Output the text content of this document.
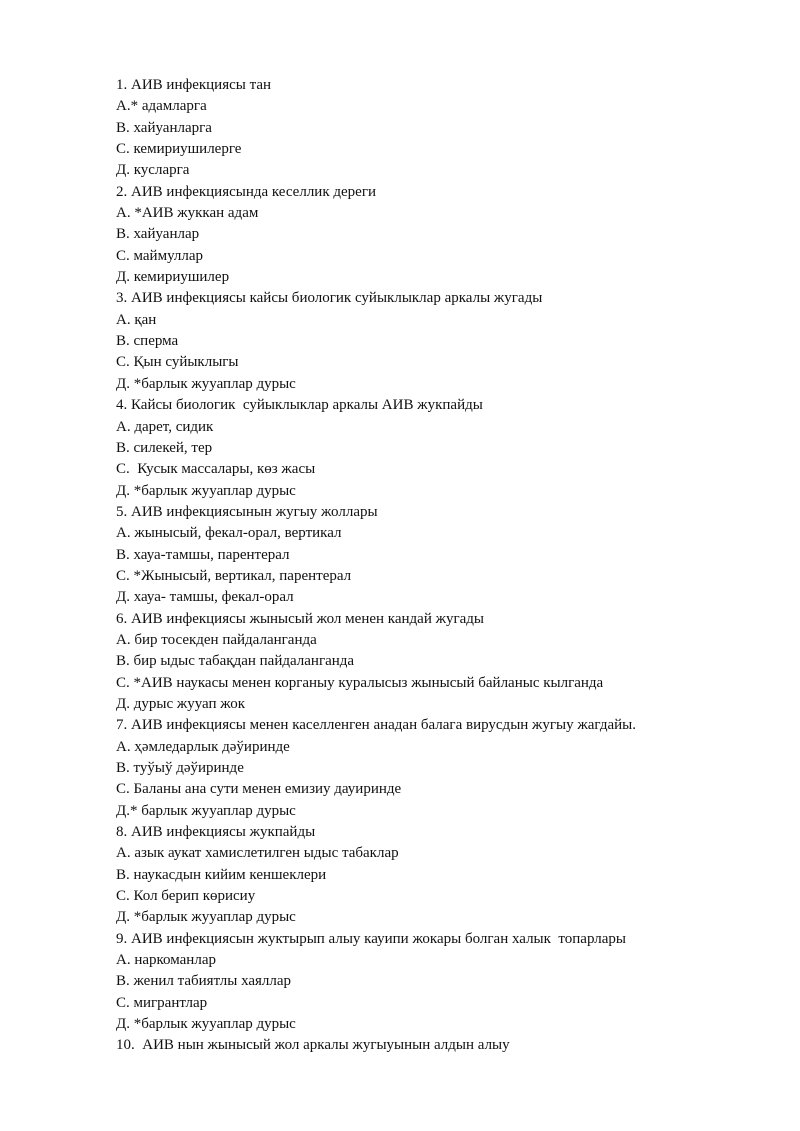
1. АИВ инфекциясы тан
А.* адамларга
В. хайуанларга
С. кемириушилерге
Д. кусларга
2. АИВ инфекциясында кеселлик дереги
А. *АИВ жуккан адам
В. хайуанлар
С. маймуллар
Д. кемириушилер
3. АИВ инфекциясы кайсы биологик суйыклыклар аркалы жугады
А. қан
В. сперма
С. Қын суйыклыгы
Д. *барлык жууаплар дурыс
4. Кайсы биологик  суйыклыклар аркалы АИВ жукпайды
А. дарет, сидик
В. силекей, тер
С.  Кусык массалары, көз жасы
Д. *барлык жууаплар дурыс
5. АИВ инфекциясынын жугыу жоллары
А. жынысый, фекал-орал, вертикал
В. хауа-тамшы, парентерал
С. *Жынысый, вертикал, парентерал
Д. хауа- тамшы, фекал-орал
6. АИВ инфекциясы жынысый жол менен кандай жугады
А. бир тосекден пайдаланганда
В. бир ыдыс табақдан пайдаланганда
С. *АИВ наукасы менен корганыу куралысыз жынысый байланыс кылганда
Д. дурыс жууап жок
7. АИВ инфекциясы менен каселленген анадан балага вирусдын жугыу жагдайы.
А. ҳәмледарлык дәўиринде
В. туўыў дәўиринде
С. Баланы ана сути менен емизиу дауиринде
Д.* барлык жууаплар дурыс
8. АИВ инфекциясы жукпайды
А. азык аукат хамислетилген ыдыс табаклар
В. наукасдын кийим кеншеклери
С. Кол берип көрисиу
Д. *барлык жууаплар дурыс
9. АИВ инфекциясын жуктырып алыу кауипи жокары болган халык  топарлары
А. наркоманлар
В. женил табиятлы хаяллар
С. мигрантлар
Д. *барлык жууаплар дурыс
10.  АИВ нын жынысый жол аркалы жугыуынын алдын алыу
